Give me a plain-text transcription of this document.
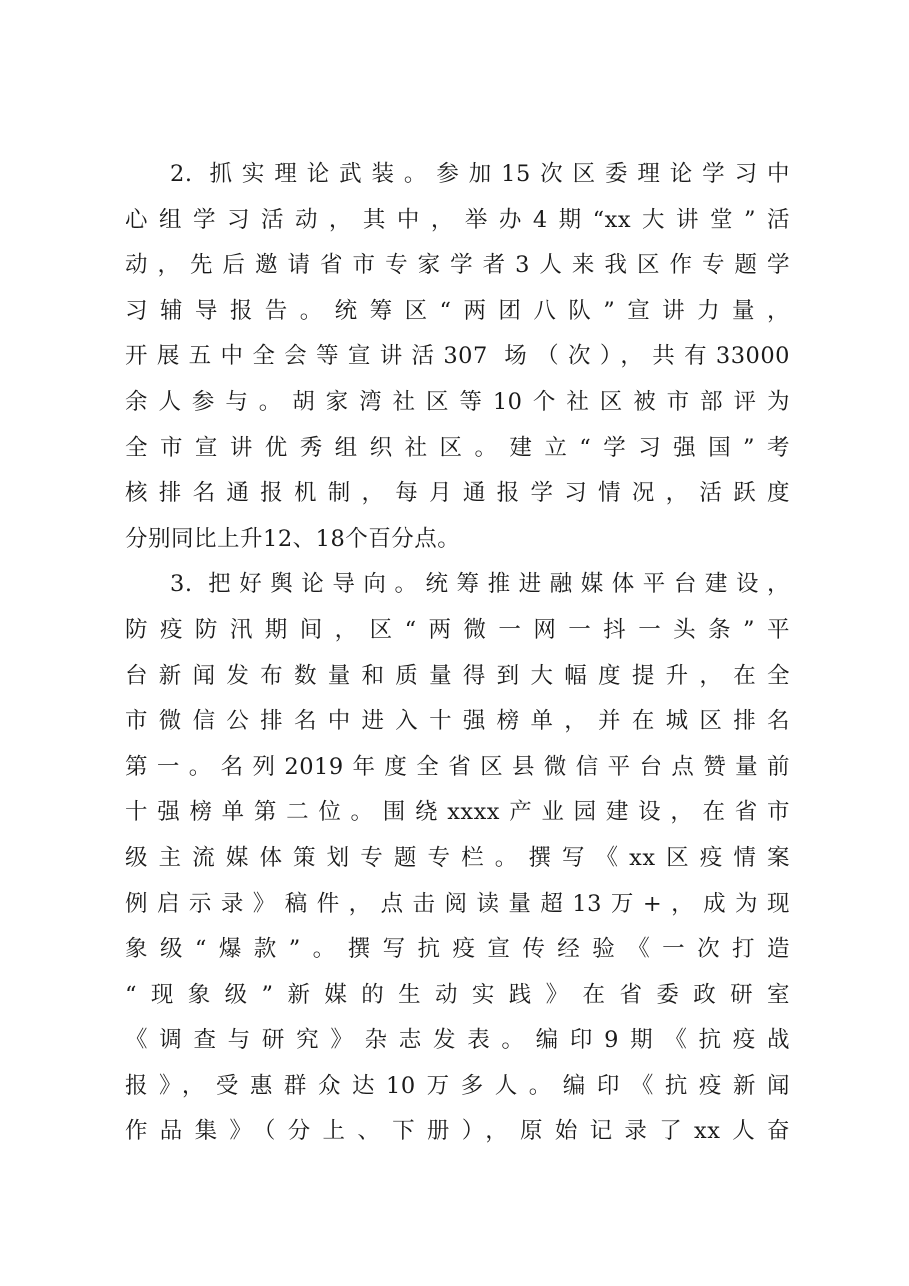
2. 抓实理论武装。参加15次区委理论学习中
心组学习活动，其中，举办4期“xx大讲堂”活
动，先后邀请省市专家学者3人来我区作专题学
习辅导报告。统筹区“两团八队”宣讲力量，
开展五中全会等宣讲活307 场（次），共有33000
余人参与。胡家湾社区等10个社区被市部评为
全市宣讲优秀组织社区。建立“学习强国”考
核排名通报机制，每月通报学习情况，活跃度
分别同比上升12、18个百分点。
3. 把好舆论导向。统筹推进融媒体平台建设，
防疫防汛期间，区“两微一网一抖一头条”平
台新闻发布数量和质量得到大幅度提升，在全
市微信公排名中进入十强榜单，并在城区排名
第一。名列2019年度全省区县微信平台点赞量前
十强榜单第二位。围绕xxxx产业园建设，在省市
级主流媒体策划专题专栏。撰写《xx区疫情案
例启示录》稿件，点击阅读量超13万+，成为现
象级“爆款”。撰写抗疫宣传经验《一次打造
“现象级”新媒的生动实践》在省委政研室
《调查与研究》杂志发表。编印9期《抗疫战
报》，受惠群众达10万多人。编印《抗疫新闻
作品集》（分上、下册），原始记录了xx人奋
